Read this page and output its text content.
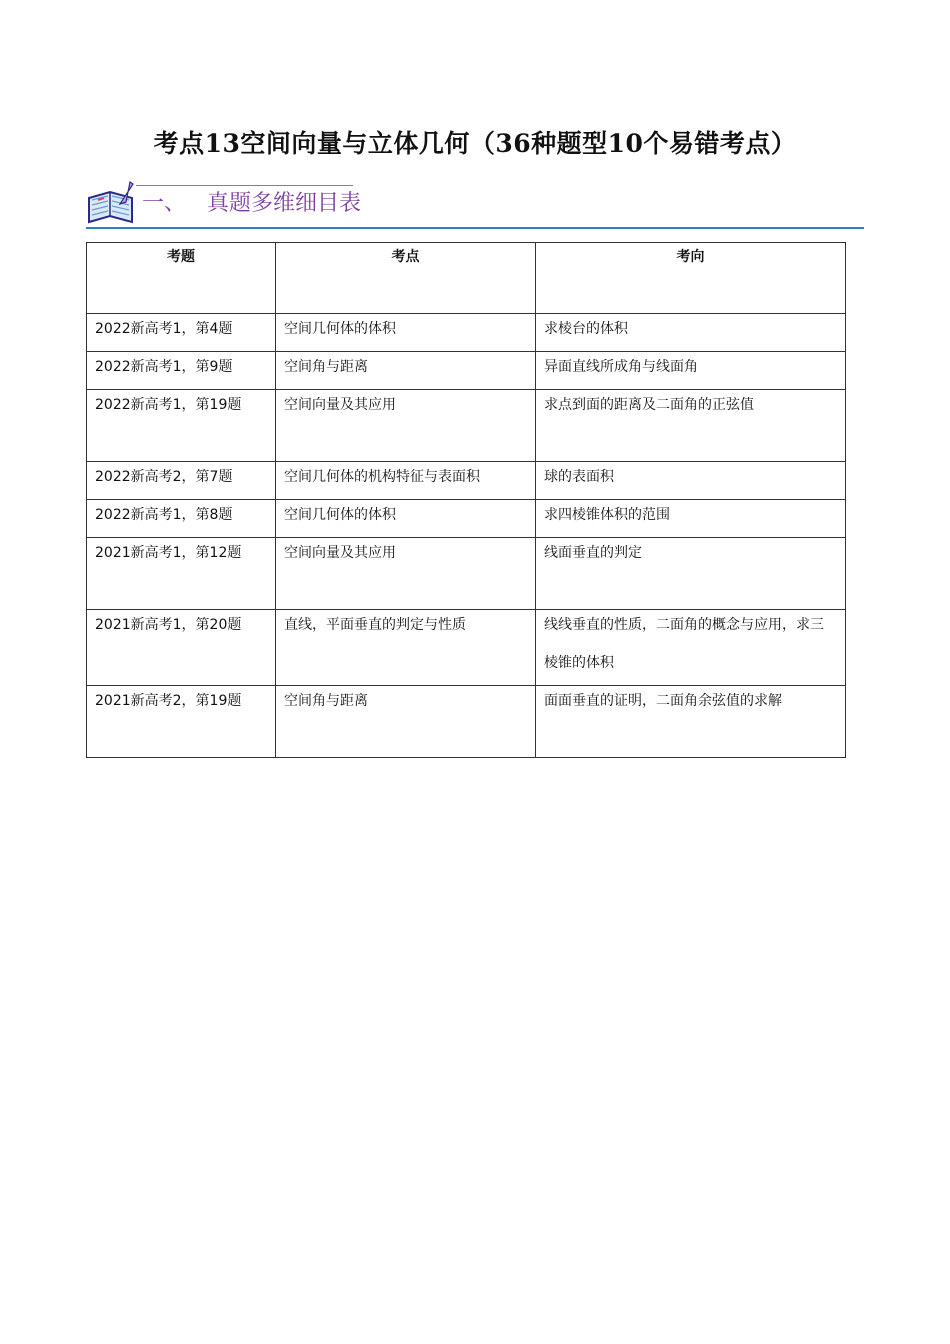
考点13空间向量与立体几何（36种题型10个易错考点）
一、 真题多维细目表
考题	考点	考向
2022新高考1，第4题	空间几何体的体积	求棱台的体积
2022新高考1，第9题	空间角与距离	异面直线所成角与线面角

2022新高考1，第19题	空间向量及其应用	求点到面的距离及二面角的正弦值

2022新高考2，第7题	空间几何体的机构特征与表面积	球的表面积
2022新高考1，第8题	空间几何体的体积	求四棱锥体积的范围

2021新高考1，第12题	空间向量及其应用	线面垂直的判定

2021新高考1，第20题	直线，平面垂直的判定与性质	线线垂直的性质，二面角的概念与应用，求三棱锥的体积

2021新高考2，第19题	空间角与距离	面面垂直的证明，二面角余弦值的求解
